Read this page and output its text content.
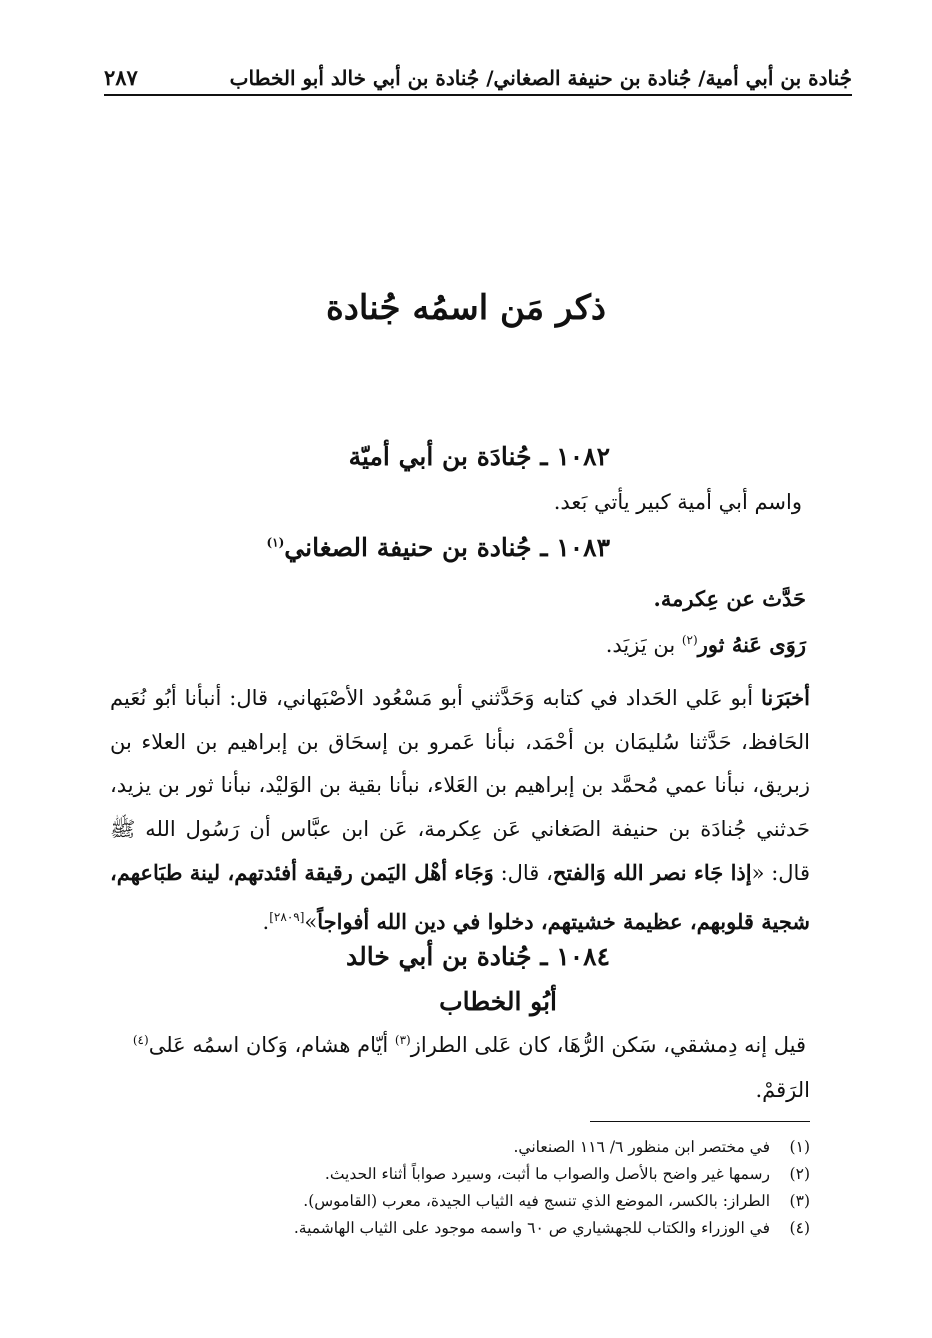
جُنادة بن أبي أمية/ جُنادة بن حنيفة الصغاني/ جُنادة بن أبي خالد أبو الخطاب
٢٨٧
ذكر مَن اسمُه جُنادة
١٠٨٢ ـ جُنادَة بن أبي أميّة
واسم أبي أمية كبير يأتي بَعد.
١٠٨٣ ـ جُنادة بن حنيفة الصغاني$^{(١)}$
حَدَّث عن عِكرمة.
رَوَى عَنهُ ثور$^{(٢)}$ بن يَزيَد.
أخبَرَنا أبو عَلي الحَداد في كتابه وَحَدَّثني أبو مَسْعُود الأصْبَهاني، قال: أنبأنا أبُو نُعَيم الحَافظ، حَدَّثنا سُليمَان بن أحْمَد، نبأنا عَمرو بن إسحَاق بن إبراهيم بن العلاء بن زبريق، نبأنا عمي مُحمَّد بن إبراهيم بن العَلاء، نبأنا بقية بن الوَليْد، نبأنا ثور بن يزيد، حَدثني جُنادَة بن حنيفة الصَغاني عَن عِكرمة، عَن ابن عبَّاس أن رَسُول الله ﷺ قال: «إذا جَاء نصر الله وَالفتح، قال: وَجَاء أهْل اليَمن رقيقة أفئدتهم، لينة طبَاعهم، شجية قلوبهم، عظيمة خشيتهم، دخلوا في دين الله أفواجاً»[٢٨٠٩].
١٠٨٤ ـ جُنادة بن أبي خالد
أبُو الخطاب
قيل إنه دِمشقي، سَكن الرُّهَا، كان عَلى الطراز$^{(٣)}$ أيّام هشام، وَكان اسمُه عَلى$^{(٤)}$
الرَقمْ.
(١)
في مختصر ابن منظور ٦/ ١١٦ الصنعاني.
(٢)
رسمها غير واضح بالأصل والصواب ما أثبت، وسيرد صواباً أثناء الحديث.
(٣)
الطراز: بالكسر، الموضع الذي تنسج فيه الثياب الجيدة، معرب (القاموس).
(٤)
في الوزراء والكتاب للجهشياري ص ٦٠ واسمه موجود على الثياب الهاشمية.
